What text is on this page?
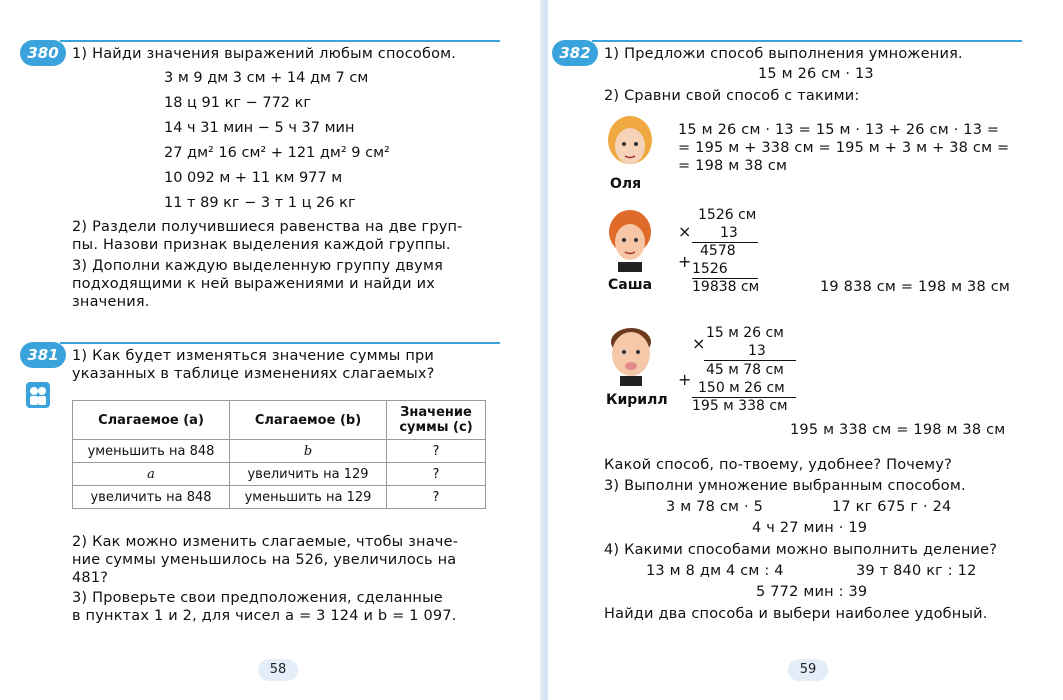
380 1) Найди значения выражений любым способом.
3 м 9 дм 3 см + 14 дм 7 см
18 ц 91 кг − 772 кг
14 ч 31 мин − 5 ч 37 мин
27 дм² 16 см² + 121 дм² 9 см²
10 092 м + 11 км 977 м
11 т 89 кг − 3 т 1 ц 26 кг
2) Раздели получившиеся равенства на две груп-
пы. Назови признак выделения каждой группы.
3) Дополни каждую выделенную группу двумя
подходящими к ней выражениями и найди их
значения.
381 1) Как будет изменяться значение суммы при
указанных в таблице изменениях слагаемых?
Слагаемое (a)	Слагаемое (b)	Значение суммы (c)
уменьшить на 848	b	?
a	увеличить на 129	?
увеличить на 848	уменьшить на 129	?
2) Как можно изменить слагаемые, чтобы значе-
ние суммы уменьшилось на 526, увеличилось на
481?
3) Проверьте свои предположения, сделанные
в пунктах 1 и 2, для чисел a = 3 124 и b = 1 097.
58
382 1) Предложи способ выполнения умножения.
15 м 26 см · 13
2) Сравни свой способ с такими:
Оля
15 м 26 см · 13 = 15 м · 13 + 26 см · 13 =
= 195 м + 338 см = 195 м + 3 м + 38 см =
= 198 м 38 см
Саша
×
1526 см
13
+
4578
1526
19838 см	19 838 см = 198 м 38 см
Кирилл
×
15 м 26 см
13
+ 45 м 78 см
150 м 26 см
195 м 338 см
195 м 338 см = 198 м 38 см
Какой способ, по-твоему, удобнее? Почему?
3) Выполни умножение выбранным способом.
3 м 78 см · 5	17 кг 675 г · 24
4 ч 27 мин · 19
4) Какими способами можно выполнить деление?
13 м 8 дм 4 см : 4	39 т 840 кг : 12
5 772 мин : 39
Найди два способа и выбери наиболее удобный.
59
